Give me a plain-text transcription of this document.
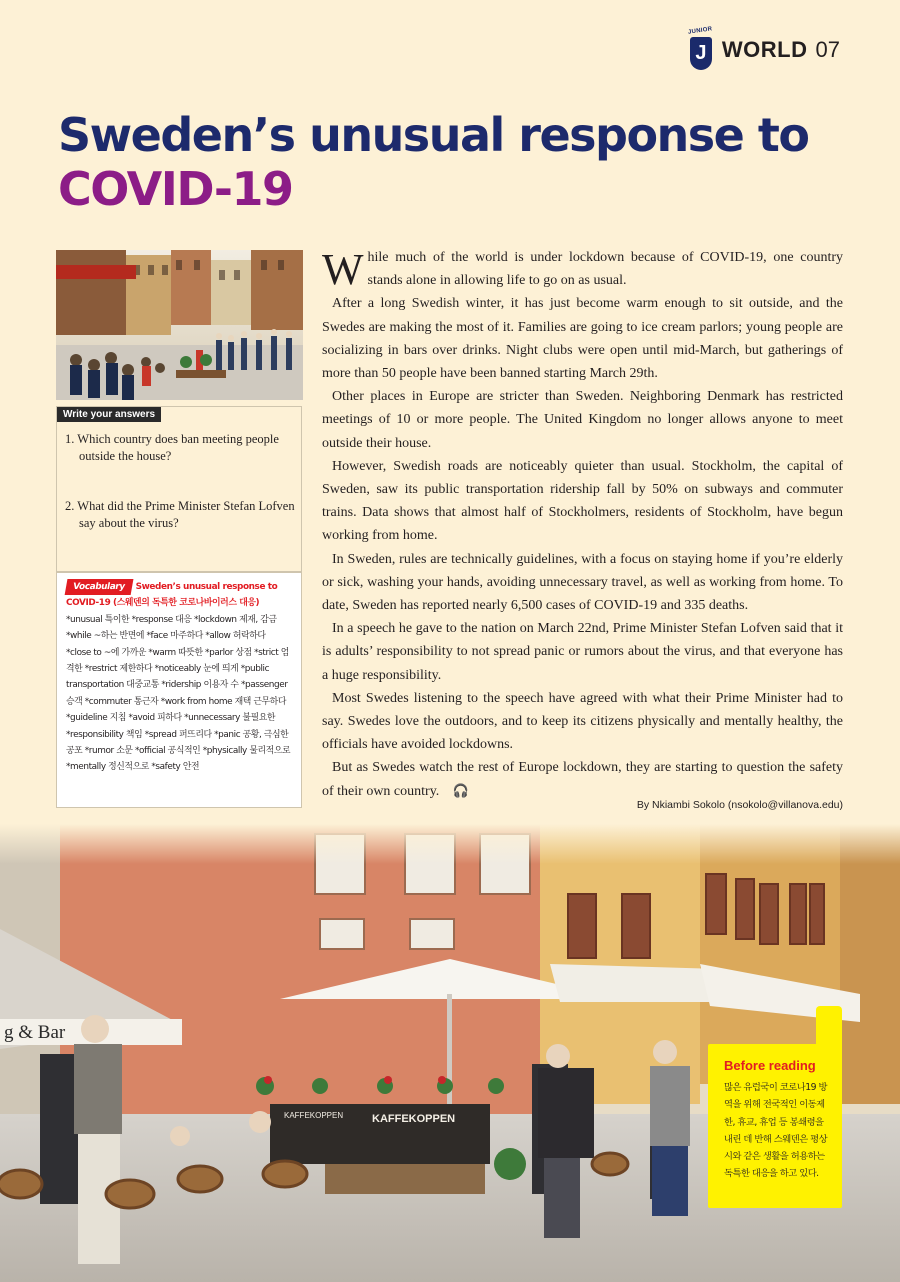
JUNIOR
J WORLD 07
Sweden’s unusual response to
COVID-19
Write your answers

1. Which country does ban meeting people outside the house?

2. What did the Prime Minister Stefan Lofven say about the virus?

Vocabulary Sweden’s unusual response to COVID-19 (스웨덴의 독특한 코로나바이러스 대응) *unusual 특이한 *response 대응 *lockdown 제재, 감금 *while ~하는 반면에 *face 마주하다 *allow 허락하다 *close to ~에 가까운 *warm 따뜻한 *parlor 상점 *strict 엄격한 *restrict 제한하다 *noticeably 눈에 띄게 *public transportation 대중교통 *ridership 이용자 수 *passenger 승객 *commuter 통근자 *work from home 재택 근무하다 *guideline 지침 *avoid 피하다 *unnecessary 불필요한 *responsibility 책임 *spread 퍼뜨리다 *panic 공황, 극심한 공포 *rumor 소문 *official 공식적인 *physically 물리적으로 *mentally 정신적으로 *safety 안전

While much of the world is under lockdown because of COVID-19, one country stands alone in allowing life to go on as usual.

After a long Swedish winter, it has just become warm enough to sit outside, and the Swedes are making the most of it. Families are going to ice cream parlors; young people are socializing in bars over drinks. Night clubs were open until mid-March, but gatherings of more than 50 people have been banned starting March 29th.

Other places in Europe are stricter than Sweden. Neighboring Denmark has restricted meetings of 10 or more people. The United Kingdom no longer allows anyone to meet outside their house.

However, Swedish roads are noticeably quieter than usual. Stockholm, the capital of Sweden, saw its public transportation ridership fall by 50% on subways and commuter trains. Data shows that almost half of Stockholmers, residents of Stockholm, have begun working from home.

In Sweden, rules are technically guidelines, with a focus on staying home if you’re elderly or sick, washing your hands, avoiding unnecessary travel, as well as working from home. To date, Sweden has reported nearly 6,500 cases of COVID-19 and 335 deaths.

In a speech he gave to the nation on March 22nd, Prime Minister Stefan Lofven said that it is adults’ responsibility to not spread panic or rumors about the virus, and that everyone has a huge responsibility.

Most Swedes listening to the speech have agreed with what their Prime Minister had to say. Swedes love the outdoors, and to keep its citizens physically and mentally healthy, the officials have avoided lockdowns.

But as Swedes watch the rest of Europe lockdown, they are starting to question the safety of their own country. 🎧

By Nkiambi Sokolo (nsokolo@villanova.edu)
g & Bar
KAFFEKOPPEN
KAFFEKOPPEN
Before reading

많은 유럽국이 코로나19 방역을 위해 전국적인 이동제한, 휴교, 휴업 등 봉쇄령을 내린 데 반해 스웨덴은 평상시와 같은 생활을 허용하는 독특한 대응을 하고 있다.
